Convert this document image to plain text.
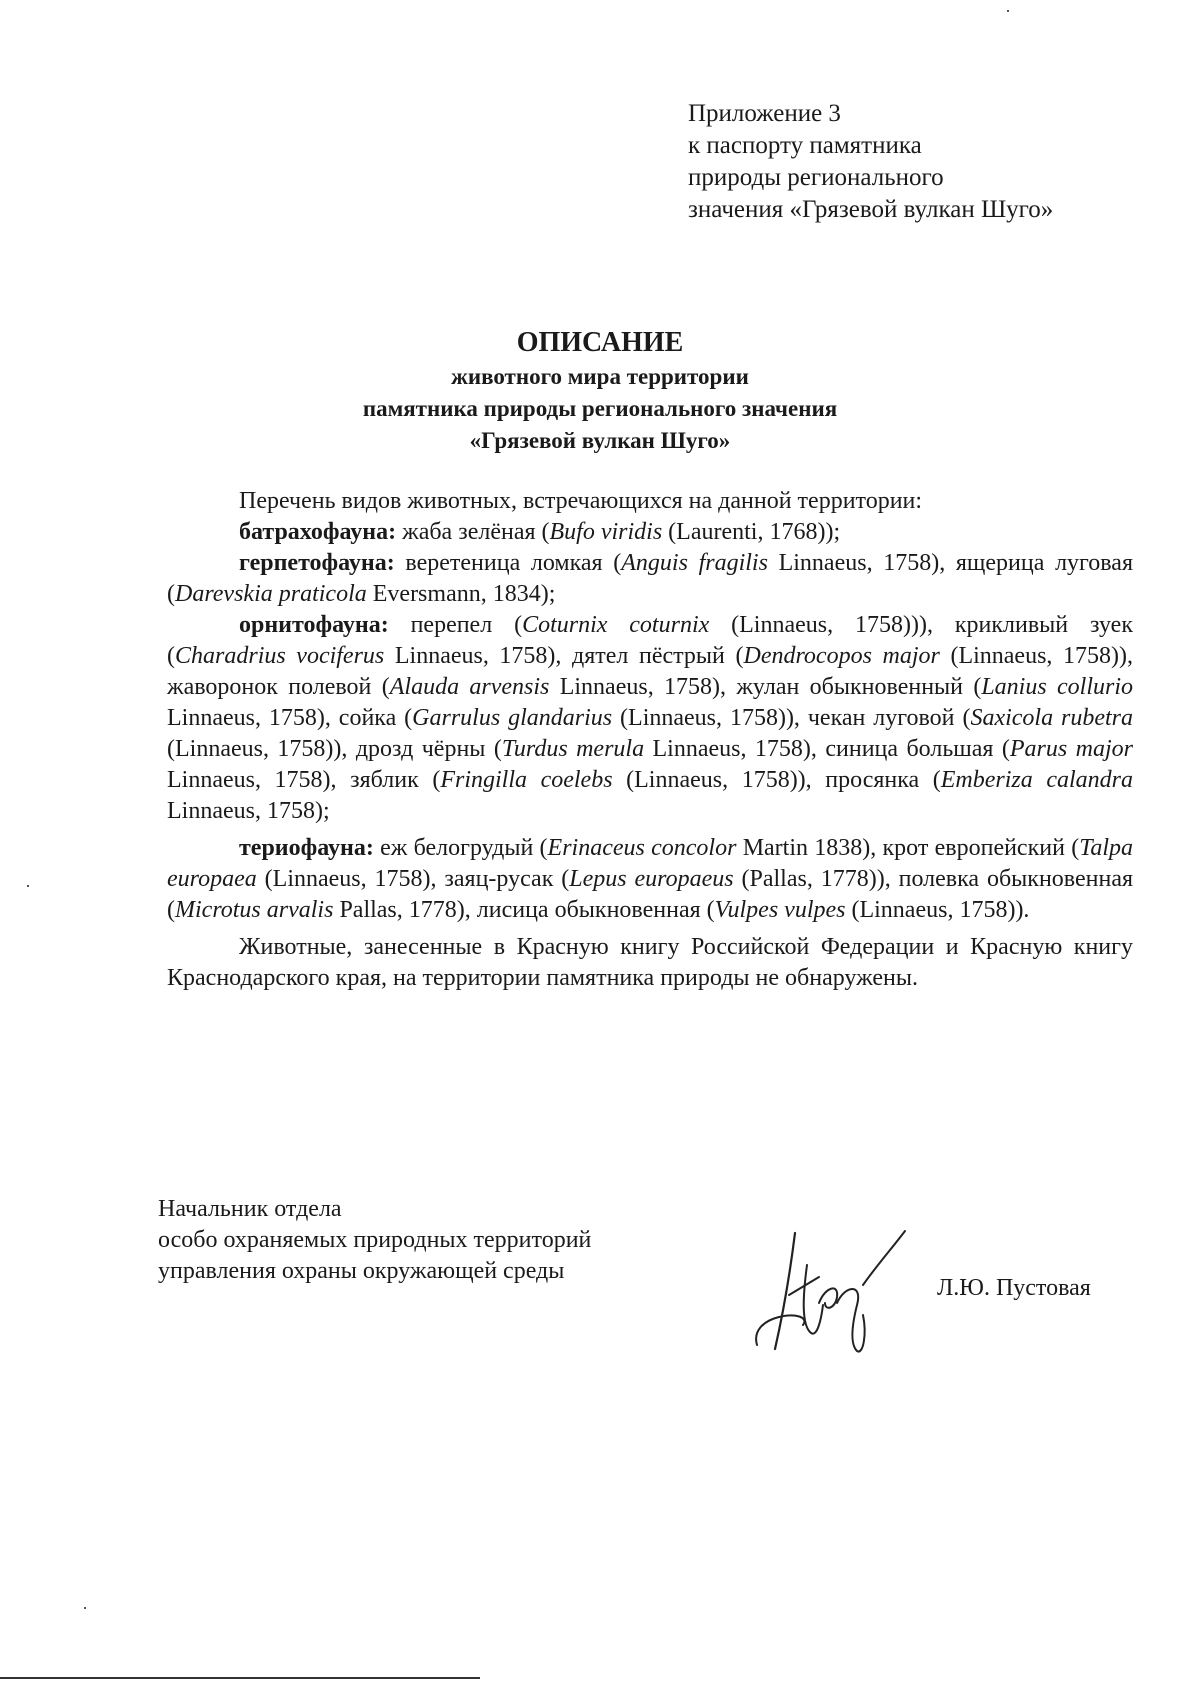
Приложение 3
к паспорту памятника
природы регионального
значения «Грязевой вулкан Шуго»
ОПИСАНИЕ
животного мира территории
памятника природы регионального значения
«Грязевой вулкан Шуго»

Перечень видов животных, встречающихся на данной территории:

батрахофауна: жаба зелёная (Bufo viridis (Laurenti, 1768));

герпетофауна: веретеница ломкая (Anguis fragilis Linnaeus, 1758), ящерица луговая (Darevskia praticola Eversmann, 1834);

орнитофауна: перепел (Coturnix coturnix (Linnaeus, 1758))), крикливый зуек (Charadrius vociferus Linnaeus, 1758), дятел пёстрый (Dendrocopos major (Linnaeus, 1758)), жаворонок полевой (Alauda arvensis Linnaeus, 1758), жулан обыкновенный (Lanius collurio Linnaeus, 1758), сойка (Garrulus glandarius (Linnaeus, 1758)), чекан луговой (Saxicola rubetra (Linnaeus, 1758)), дрозд чёрны (Turdus merula Linnaeus, 1758), синица большая (Parus major Linnaeus, 1758), зяблик (Fringilla coelebs (Linnaeus, 1758)), просянка (Emberiza calandra Linnaeus, 1758);

териофауна: еж белогрудый (Erinaceus concolor Martin 1838), крот европейский (Talpa europaea (Linnaeus, 1758), заяц-русак (Lepus europaeus (Pallas, 1778)), полевка обыкновенная (Microtus arvalis Pallas, 1778), лисица обыкновенная (Vulpes vulpes (Linnaeus, 1758)).

Животные, занесенные в Красную книгу Российской Федерации и Красную книгу Краснодарского края, на территории памятника природы не обнаружены.

Начальник отдела
особо охраняемых природных территорий
управления охраны окружающей среды
Л.Ю. Пустовая
